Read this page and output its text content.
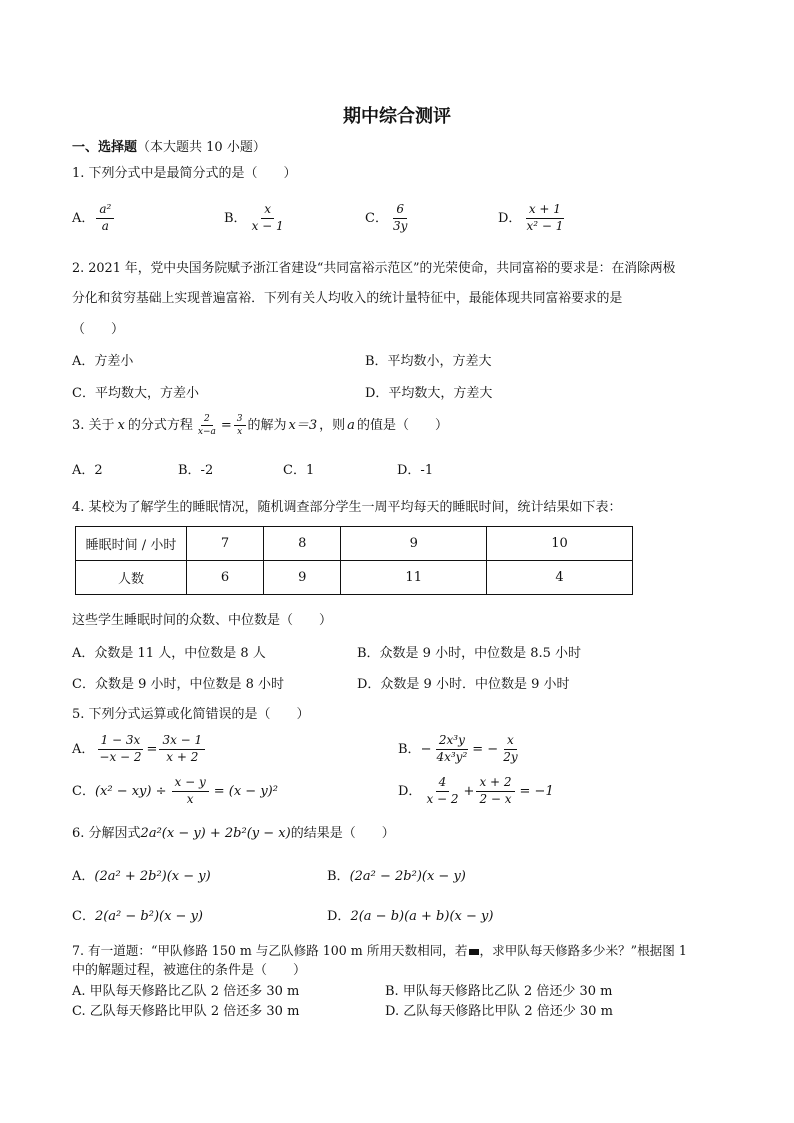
期中综合测评
一、选择题（本大题共 10 小题）
1. 下列分式中是最简分式的是（　　）
A． $\frac{\text{a²}}{a}$	B． $\frac{x}{x - 1}$	C． $\frac{6}{3y}$	D． $\frac{x + 1}{\text{x² − 1}}$
2. 2021 年，党中央国务院赋予浙江省建设“共同富裕示范区”的光荣使命，共同富裕的要求是：在消除两极
分化和贫穷基础上实现普遍富裕．下列有关人均收入的统计量特征中，最能体现共同富裕要求的是
（　　）
A．方差小	B．平均数小，方差大
C．平均数大，方差小	D．平均数大，方差大
3. 关于 x 的分式方程 $\frac{2}{x-a} = \frac{3}{x}$ 的解为 x＝3 ，则 a 的值是（　　）
A．2	B．-2	C．1	D．-1
4. 某校为了解学生的睡眠情况，随机调查部分学生一周平均每天的睡眠时间，统计结果如下表：
睡眠时间 / 小时	7	8	9	10
人数	6	9	11	4
这些学生睡眠时间的众数、中位数是（　　）
A．众数是 11 人，中位数是 8 人	B．众数是 9 小时，中位数是 8.5 小时
C．众数是 9 小时，中位数是 8 小时	D．众数是 9 小时．中位数是 9 小时
5. 下列分式运算或化简错误的是（　　）
A． $\frac{1 - 3x}{-x - 2} = \frac{3x - 1}{x + 2}$	B． − $\frac{\text{2x³y}}{\text{4x³y²}}$ = − $\frac{x}{2y}$
C． $(x^2 - xy) \div \frac{x - y}{x} = (x - y)^2$	D． $\frac{4}{x - 2} + \frac{x + 2}{2 - x} = -1$
6. 分解因式2a²(x − y) + 2b²(y − x)的结果是（　　）
A．(2a² + 2b²)(x − y)	B．(2a² − 2b²)(x − y)
C．2(a² − b²)(x − y)	D．2(a − b)(a + b)(x − y)
7. 有一道题：“甲队修路 150 m 与乙队修路 100 m 所用天数相同，若 ，求甲队每天修路多少米？”根据图 1
中的解题过程，被遮住的条件是（　　）
A. 甲队每天修路比乙队 2 倍还多 30 m	B. 甲队每天修路比乙队 2 倍还少 30 m
C. 乙队每天修路比甲队 2 倍还多 30 m	D. 乙队每天修路比甲队 2 倍还少 30 m
